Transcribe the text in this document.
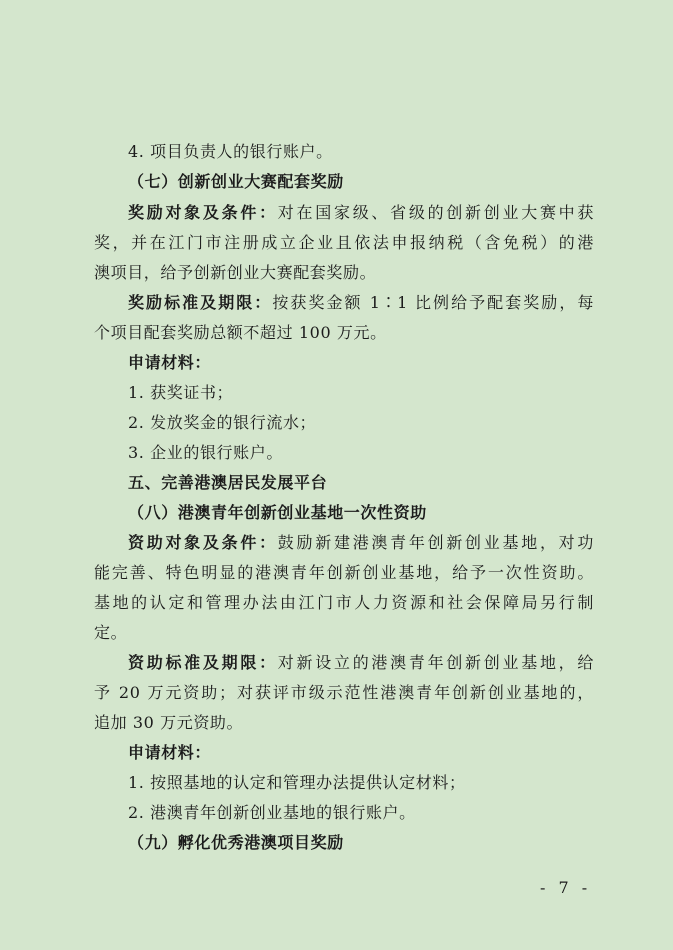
4. 项目负责人的银行账户。
（七）创新创业大赛配套奖励
奖励对象及条件：对在国家级、省级的创新创业大赛中获
奖，并在江门市注册成立企业且依法申报纳税（含免税）的港
澳项目，给予创新创业大赛配套奖励。
奖励标准及期限：按获奖金额 1∶1 比例给予配套奖励，每
个项目配套奖励总额不超过 100 万元。
申请材料：
1. 获奖证书；
2. 发放奖金的银行流水；
3. 企业的银行账户。
五、完善港澳居民发展平台
（八）港澳青年创新创业基地一次性资助
资助对象及条件：鼓励新建港澳青年创新创业基地，对功
能完善、特色明显的港澳青年创新创业基地，给予一次性资助。
基地的认定和管理办法由江门市人力资源和社会保障局另行制
定。
资助标准及期限：对新设立的港澳青年创新创业基地，给
予 20 万元资助；对获评市级示范性港澳青年创新创业基地的，
追加 30 万元资助。
申请材料：
1. 按照基地的认定和管理办法提供认定材料；
2. 港澳青年创新创业基地的银行账户。
（九）孵化优秀港澳项目奖励
- 7 -
